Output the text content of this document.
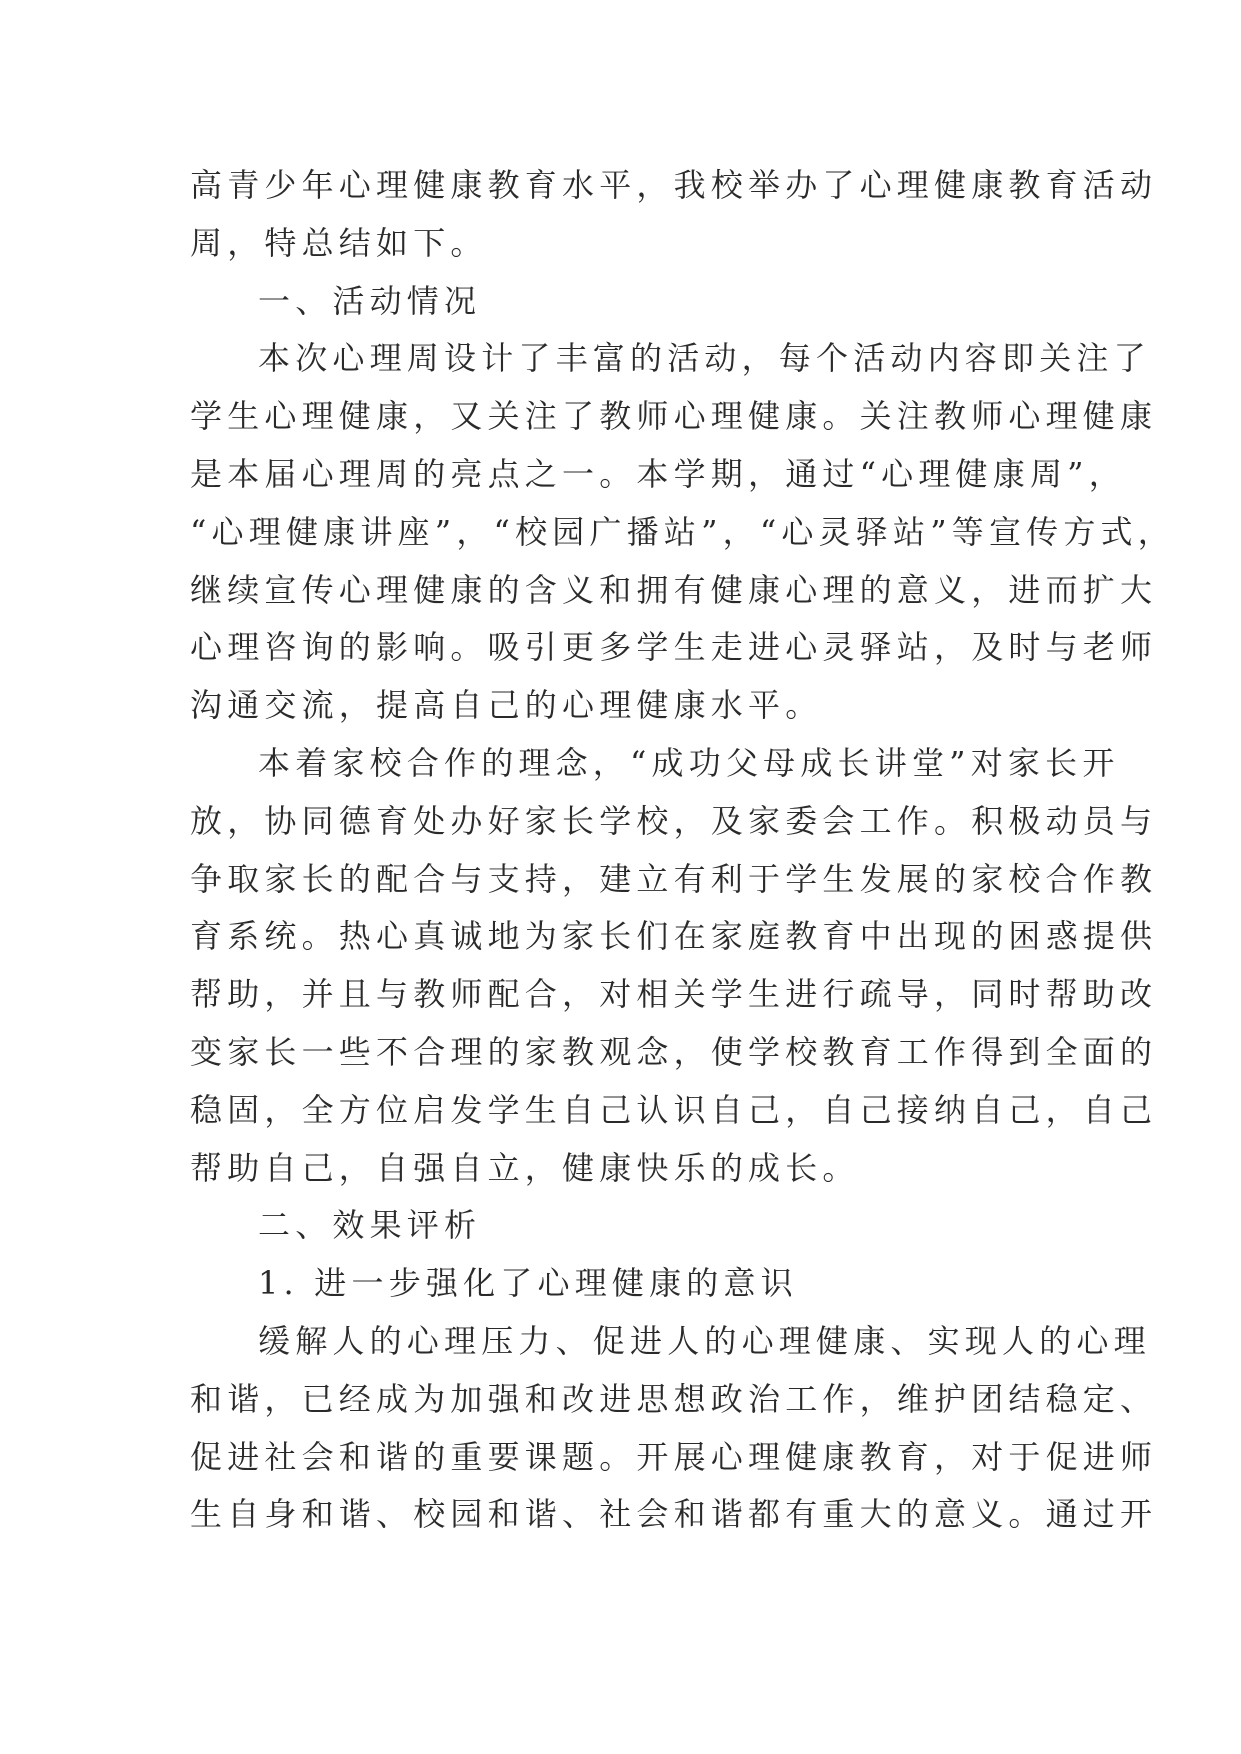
高青少年心理健康教育水平，我校举办了心理健康教育活动
周，特总结如下。
一、活动情况
本次心理周设计了丰富的活动，每个活动内容即关注了
学生心理健康，又关注了教师心理健康。关注教师心理健康
是本届心理周的亮点之一。本学期，通过“心理健康周”，
“心理健康讲座”，“校园广播站”，“心灵驿站”等宣传方式，
继续宣传心理健康的含义和拥有健康心理的意义，进而扩大
心理咨询的影响。吸引更多学生走进心灵驿站，及时与老师
沟通交流，提高自己的心理健康水平。
本着家校合作的理念，“成功父母成长讲堂”对家长开
放，协同德育处办好家长学校，及家委会工作。积极动员与
争取家长的配合与支持，建立有利于学生发展的家校合作教
育系统。热心真诚地为家长们在家庭教育中出现的困惑提供
帮助，并且与教师配合，对相关学生进行疏导，同时帮助改
变家长一些不合理的家教观念，使学校教育工作得到全面的
稳固，全方位启发学生自己认识自己，自己接纳自己，自己
帮助自己，自强自立，健康快乐的成长。
二、效果评析
1. 进一步强化了心理健康的意识
缓解人的心理压力、促进人的心理健康、实现人的心理
和谐，已经成为加强和改进思想政治工作，维护团结稳定、
促进社会和谐的重要课题。开展心理健康教育，对于促进师
生自身和谐、校园和谐、社会和谐都有重大的意义。通过开
